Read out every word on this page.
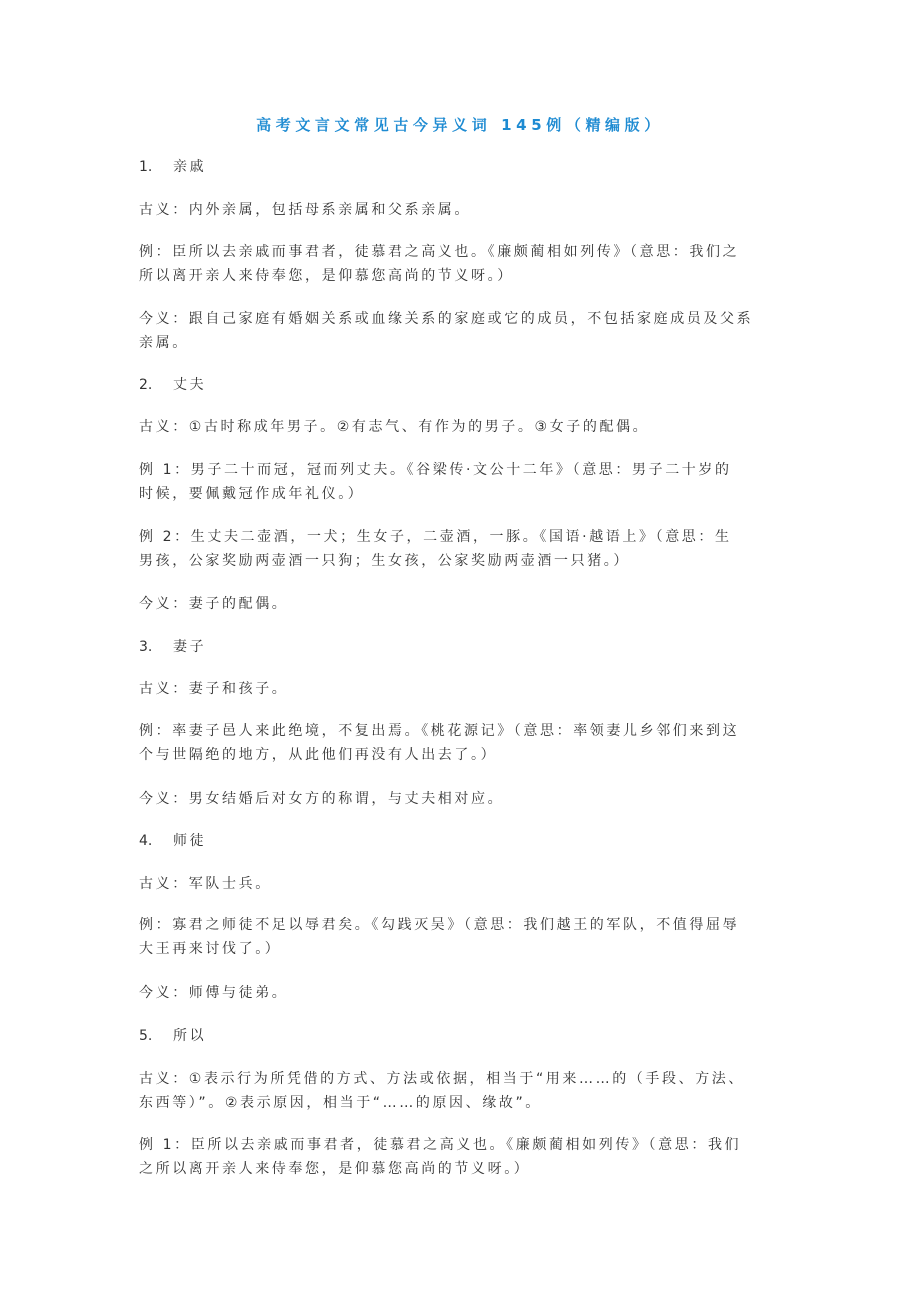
高考文言文常见古今异义词 145例（精编版）
1. 亲戚
古义：内外亲属，包括母系亲属和父系亲属。
例：臣所以去亲戚而事君者，徒慕君之高义也。《廉颇蔺相如列传》（意思：我们之
所以离开亲人来侍奉您，是仰慕您高尚的节义呀。）
今义：跟自己家庭有婚姻关系或血缘关系的家庭或它的成员，不包括家庭成员及父系
亲属。
2. 丈夫
古义：①古时称成年男子。②有志气、有作为的男子。③女子的配偶。
例 1：男子二十而冠，冠而列丈夫。《谷梁传·文公十二年》（意思：男子二十岁的
时候，要佩戴冠作成年礼仪。）
例 2：生丈夫二壶酒，一犬；生女子，二壶酒，一豚。《国语·越语上》（意思：生
男孩，公家奖励两壶酒一只狗；生女孩，公家奖励两壶酒一只猪。）
今义：妻子的配偶。
3. 妻子
古义：妻子和孩子。
例：率妻子邑人来此绝境，不复出焉。《桃花源记》（意思：率领妻儿乡邻们来到这
个与世隔绝的地方，从此他们再没有人出去了。）
今义：男女结婚后对女方的称谓，与丈夫相对应。
4. 师徒
古义：军队士兵。
例：寡君之师徒不足以辱君矣。《勾践灭吴》（意思：我们越王的军队，不值得屈辱
大王再来讨伐了。）
今义：师傅与徒弟。
5. 所以
古义：①表示行为所凭借的方式、方法或依据，相当于“用来……的（手段、方法、
东西等）”。②表示原因，相当于“……的原因、缘故”。
例 1：臣所以去亲戚而事君者，徒慕君之高义也。《廉颇蔺相如列传》（意思：我们
之所以离开亲人来侍奉您，是仰慕您高尚的节义呀。）
